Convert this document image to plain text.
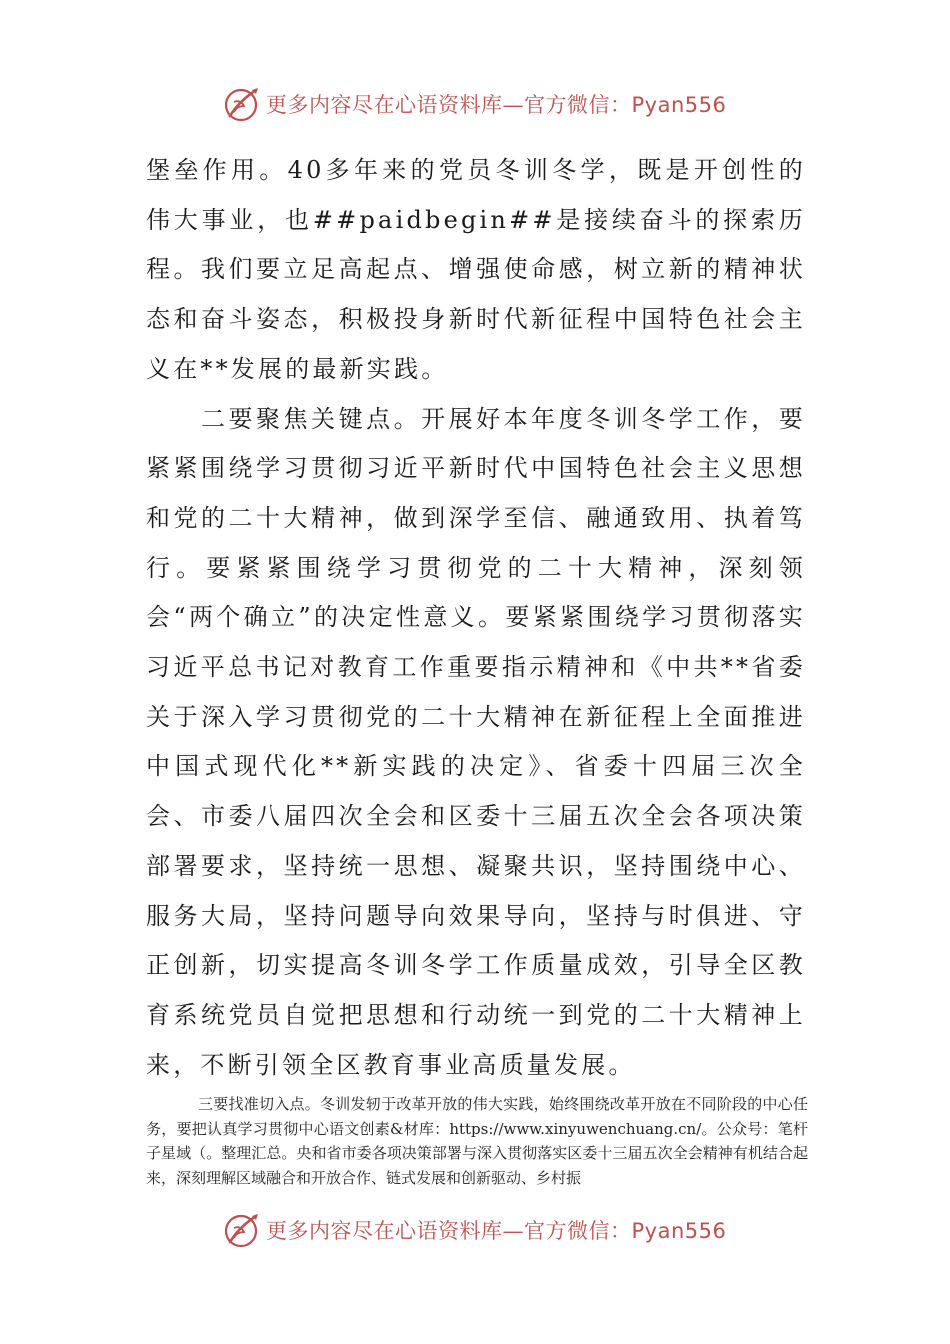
更多内容尽在心语资料库—官方微信：Pyan556

堡垒作用。40多年来的党员冬训冬学，既是开创性的伟大事业，也##paidbegin##是接续奋斗的探索历程。我们要立足高起点、增强使命感，树立新的精神状态和奋斗姿态，积极投身新时代新征程中国特色社会主义在**发展的最新实践。

二要聚焦关键点。开展好本年度冬训冬学工作，要紧紧围绕学习贯彻习近平新时代中国特色社会主义思想和党的二十大精神，做到深学至信、融通致用、执着笃行。要紧紧围绕学习贯彻党的二十大精神，深刻领会“两个确立”的决定性意义。要紧紧围绕学习贯彻落实习近平总书记对教育工作重要指示精神和《中共**省委关于深入学习贯彻党的二十大精神在新征程上全面推进中国式现代化**新实践的决定》、省委十四届三次全会、市委八届四次全会和区委十三届五次全会各项决策部署要求，坚持统一思想、凝聚共识，坚持围绕中心、服务大局，坚持问题导向效果导向，坚持与时俱进、守正创新，切实提高冬训冬学工作质量成效，引导全区教育系统党员自觉把思想和行动统一到党的二十大精神上来，不断引领全区教育事业高质量发展。

三要找准切入点。冬训发轫于改革开放的伟大实践，始终围绕改革开放在不同阶段的中心任务，要把认真学习贯彻中心语文创素&材库：https://www.xinyuwenchuang.cn/。公众号：笔杆子星域（。整理汇总。央和省市委各项决策部署与深入贯彻落实区委十三届五次全会精神有机结合起来，深刻理解区域融合和开放合作、链式发展和创新驱动、乡村振

更多内容尽在心语资料库—官方微信：Pyan556
